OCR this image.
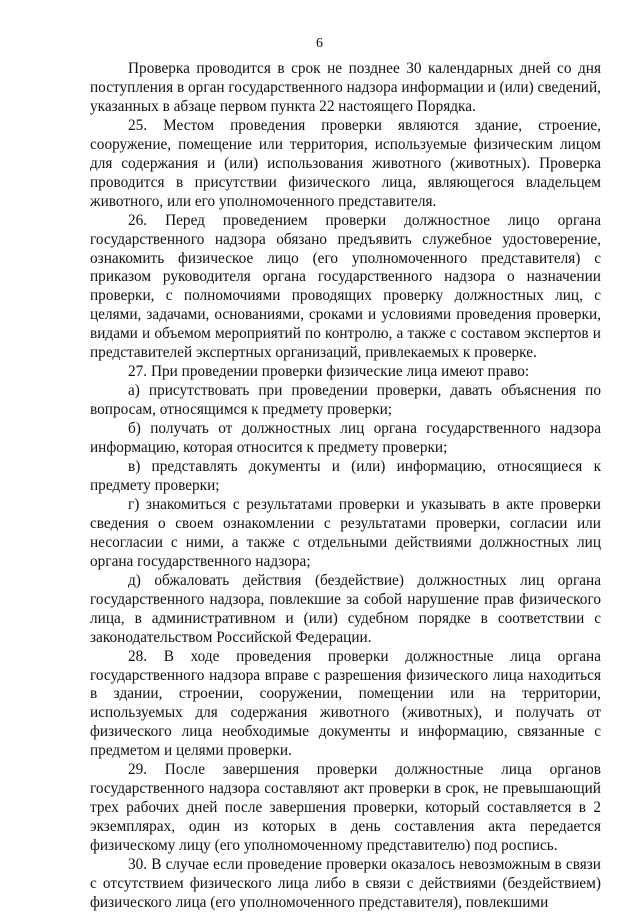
6

Проверка проводится в срок не позднее 30 календарных дней со дня поступления в орган государственного надзора информации и (или) сведений, указанных в абзаце первом пункта 22 настоящего Порядка.

25. Местом проведения проверки являются здание, строение, сооружение, помещение или территория, используемые физическим лицом для содержания и (или) использования животного (животных). Проверка проводится в присутствии физического лица, являющегося владельцем животного, или его уполномоченного представителя.

26. Перед проведением проверки должностное лицо органа государственного надзора обязано предъявить служебное удостоверение, ознакомить физическое лицо (его уполномоченного представителя) с приказом руководителя органа государственного надзора о назначении проверки, с полномочиями проводящих проверку должностных лиц, с целями, задачами, основаниями, сроками и условиями проведения проверки, видами и объемом мероприятий по контролю, а также с составом экспертов и представителей экспертных организаций, привлекаемых к проверке.

27. При проведении проверки физические лица имеют право:

а) присутствовать при проведении проверки, давать объяснения по вопросам, относящимся к предмету проверки;

б) получать от должностных лиц органа государственного надзора информацию, которая относится к предмету проверки;

в) представлять документы и (или) информацию, относящиеся к предмету проверки;

г) знакомиться с результатами проверки и указывать в акте проверки сведения о своем ознакомлении с результатами проверки, согласии или несогласии с ними, а также с отдельными действиями должностных лиц органа государственного надзора;

д) обжаловать действия (бездействие) должностных лиц органа государственного надзора, повлекшие за собой нарушение прав физического лица, в административном и (или) судебном порядке в соответствии с законодательством Российской Федерации.

28. В ходе проведения проверки должностные лица органа государственного надзора вправе с разрешения физического лица находиться в здании, строении, сооружении, помещении или на территории, используемых для содержания животного (животных), и получать от физического лица необходимые документы и информацию, связанные с предметом и целями проверки.

29. После завершения проверки должностные лица органов государственного надзора составляют акт проверки в срок, не превышающий трех рабочих дней после завершения проверки, который составляется в 2 экземплярах, один из которых в день составления акта передается физическому лицу (его уполномоченному представителю) под роспись.

30. В случае если проведение проверки оказалось невозможным в связи с отсутствием физического лица либо в связи с действиями (бездействием) физического лица (его уполномоченного представителя), повлекшими
